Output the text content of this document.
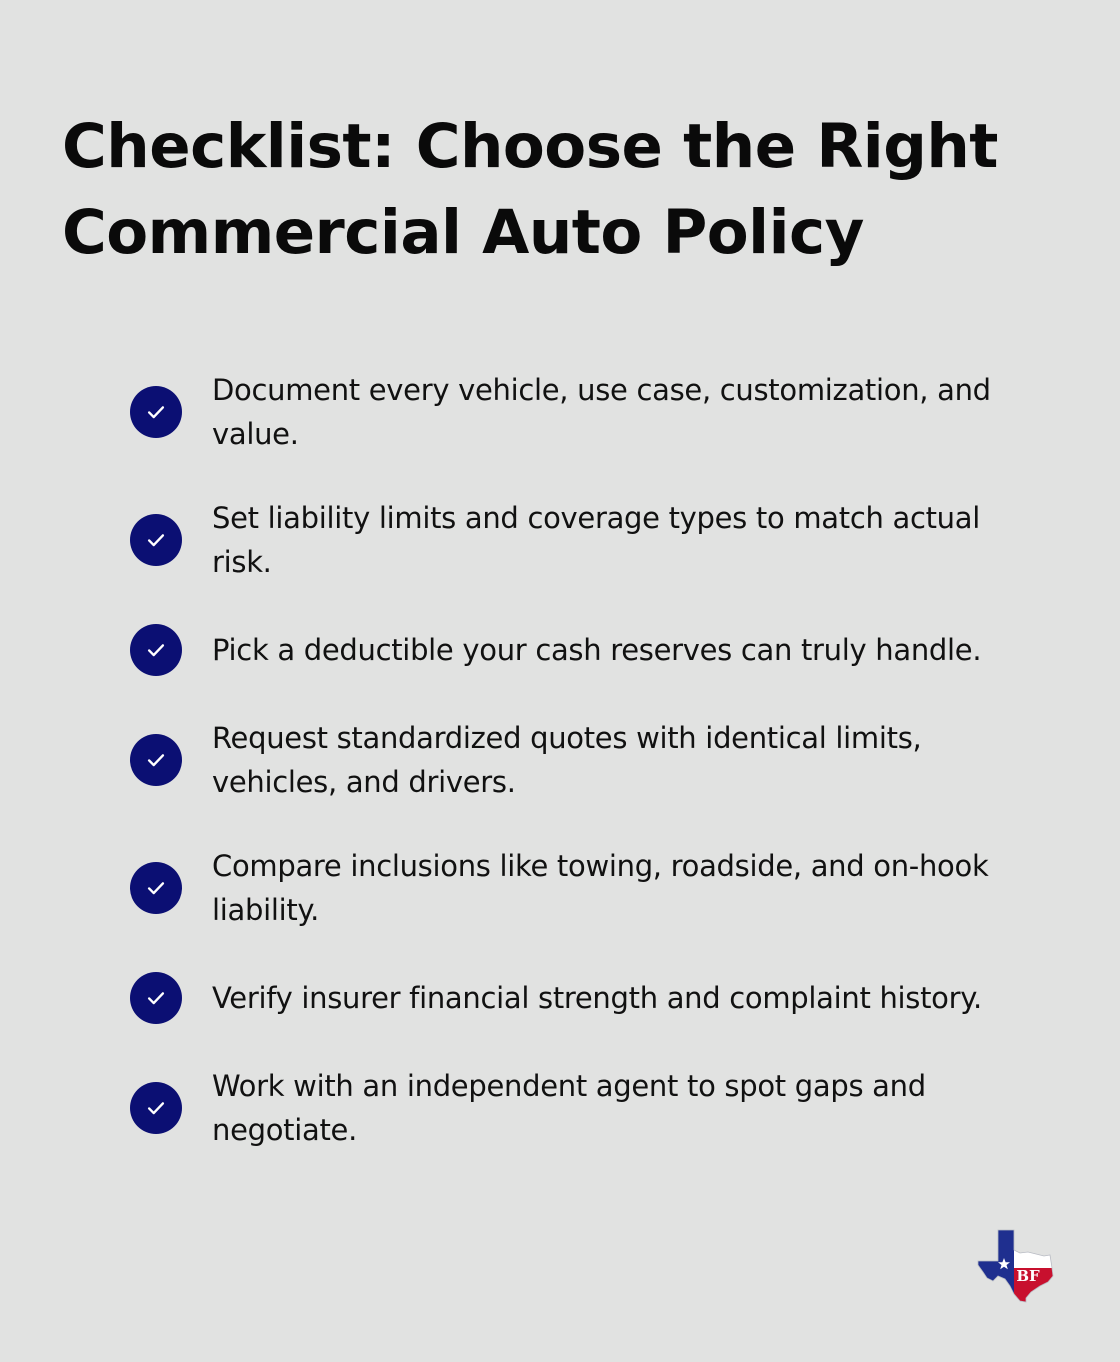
Checklist: Choose the Right Commercial Auto Policy
Document every vehicle, use case, customization, and value.
Set liability limits and coverage types to match actual risk.
Pick a deductible your cash reserves can truly handle.
Request standardized quotes with identical limits, vehicles, and drivers.
Compare inclusions like towing, roadside, and on-hook liability.
Verify insurer financial strength and complaint history.
Work with an independent agent to spot gaps and negotiate.
BF
